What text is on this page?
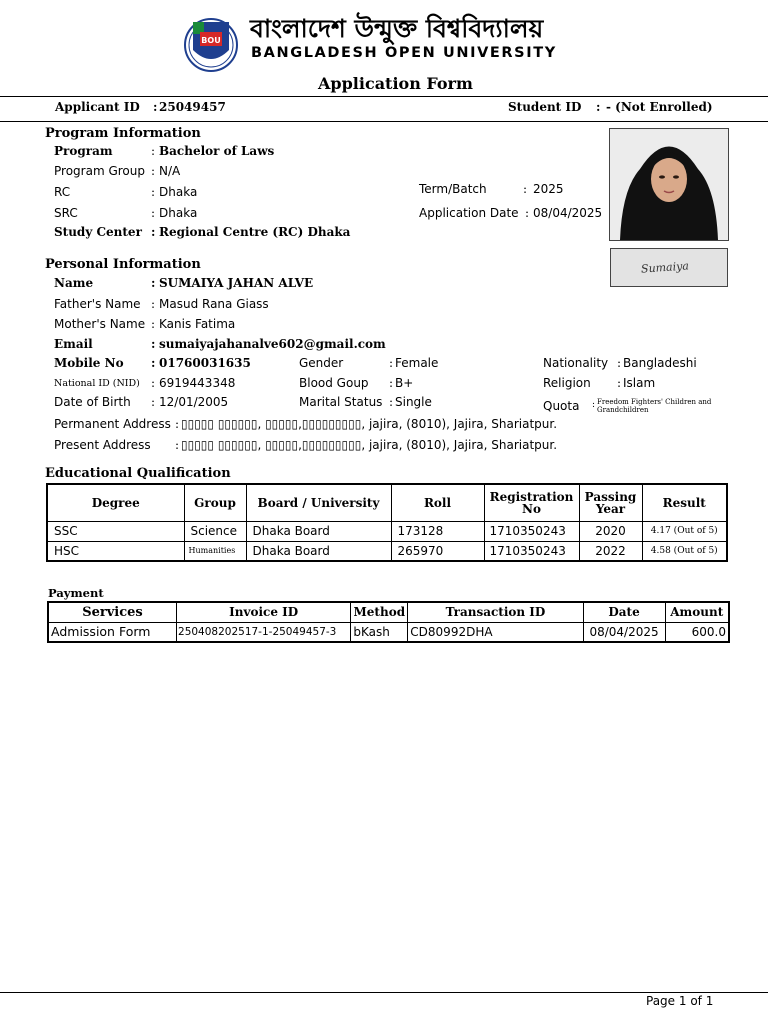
BOU বাংলাদেশ উন্মুক্ত বিশ্ববিদ্যালয়
BANGLADESH OPEN UNIVERSITY
Application Form
Applicant ID : 25049457	Student ID : - (Not Enrolled)
Program Information
Program	: Bachelor of Laws
Program Group : N/A
RC	: Dhaka
SRC	: Dhaka
Study Center : Regional Centre (RC) Dhaka
Term/Batch	: 2025
Application Date : 08/04/2025
Sumaiya
Personal Information
Name	: SUMAIYA JAHAN ALVE
Father's Name : Masud Rana Giass
Mother's Name : Kanis Fatima
Email	: sumaiyajahanalve602@gmail.com
Mobile No : 01760031635
National ID (NID) : 6919443348
Date of Birth : 12/01/2005
Gender	: Female
Blood Goup : B+
Marital Status : Single
Nationality : Bangladeshi
Religion : Islam
Quota : Freedom Fighters' Children and Grandchildren
Permanent Address : ▯▯▯▯▯ ▯▯▯▯▯▯, ▯▯▯▯▯,▯▯▯▯▯▯▯▯▯, jajira, (8010), Jajira, Shariatpur.
Present Address : ▯▯▯▯▯ ▯▯▯▯▯▯, ▯▯▯▯▯,▯▯▯▯▯▯▯▯▯, jajira, (8010), Jajira, Shariatpur.
Educational Qualification
Degree	Group	Board / University	Roll	Registration No	Passing Year	Result
SSC	Science	Dhaka Board	173128	1710350243	2020	4.17 (Out of 5)
HSC	Humanities	Dhaka Board	265970	1710350243	2022	4.58 (Out of 5)
Payment
Services	Invoice ID	Method	Transaction ID	Date	Amount
Admission Form	250408202517-1-25049457-3	bKash	CD80992DHA	08/04/2025	600.0
Page 1 of 1
